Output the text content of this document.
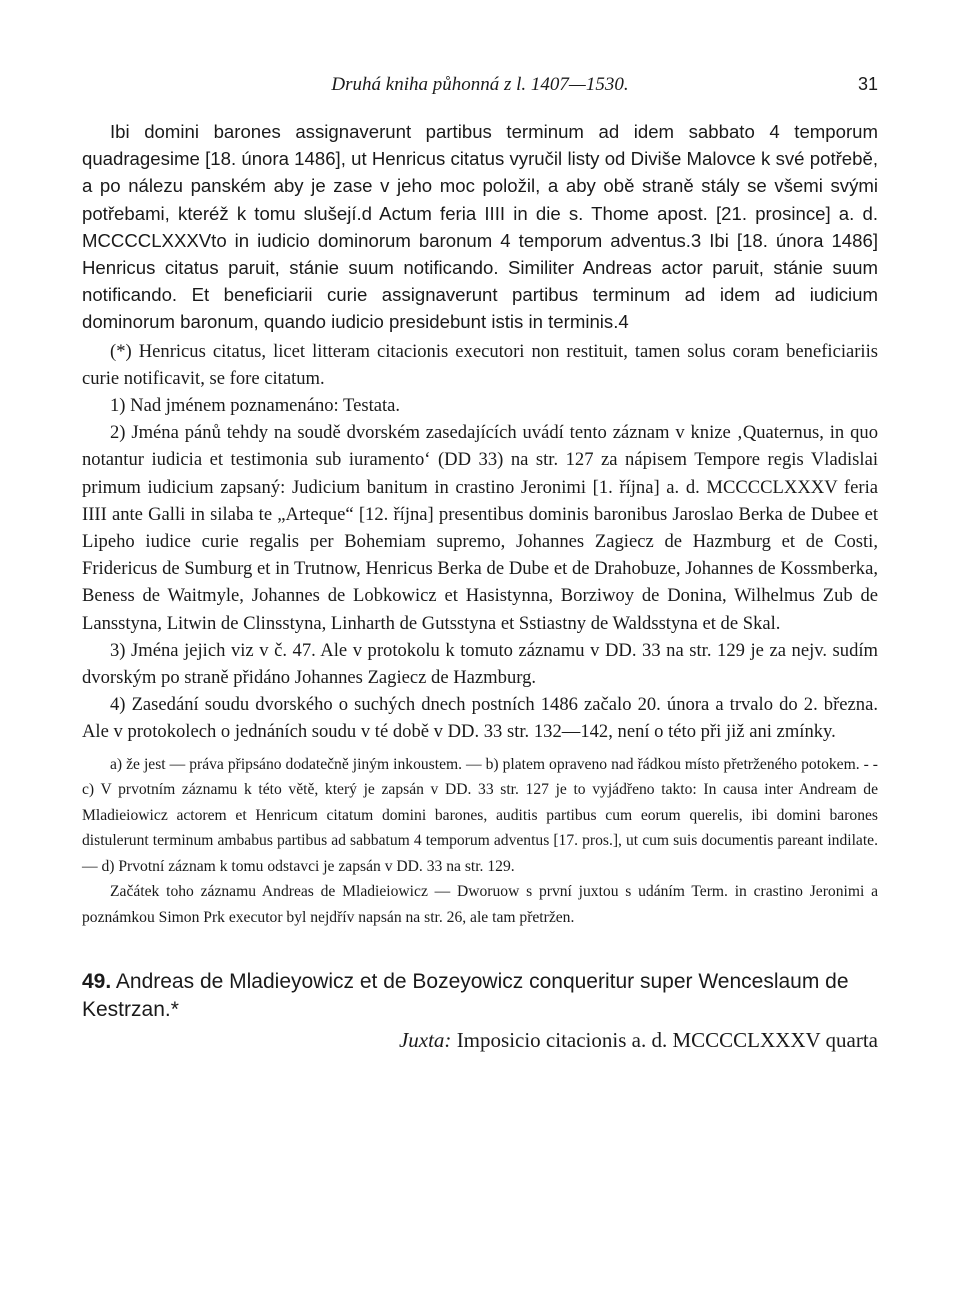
Druhá kniha půhonná z l. 1407—1530.	31

Ibi domini barones assignaverunt partibus terminum ad idem sabbato 4 temporum quadragesime [18. února 1486], ut Henricus citatus vyručil listy od Diviše Malovce k své potřebě, a po nálezu panském aby je zase v jeho moc položil, a aby obě straně stály se všemi svými potřebami, kteréž k tomu slušejí.d Actum feria IIII in die s. Thome apost. [21. prosince] a. d. MCCCCLXXXVto in iudicio dominorum baronum 4 temporum adventus.3 Ibi [18. února 1486] Henricus citatus paruit, stánie suum notificando. Similiter Andreas actor paruit, stánie suum notificando. Et beneficiarii curie assignaverunt partibus terminum ad idem ad iudicium dominorum baronum, quando iudicio presidebunt istis in terminis.4

(*) Henricus citatus, licet litteram citacionis executori non restituit, tamen solus coram beneficiariis curie notificavit, se fore citatum.

1) Nad jménem poznamenáno: Testata.

2) Jména pánů tehdy na soudě dvorském zasedajících uvádí tento záznam v knize ‚Quaternus, in quo notantur iudicia et testimonia sub iuramento‘ (DD 33) na str. 127 za nápisem Tempore regis Vladislai primum iudicium zapsaný: Judicium banitum in crastino Jeronimi [1. října] a. d. MCCCCLXXXV feria IIII ante Galli in silaba te „Arteque“ [12. října] presentibus dominis baronibus Jaroslao Berka de Dubee et Lipeho iudice curie regalis per Bohemiam supremo, Johannes Zagiecz de Hazmburg et de Costi, Fridericus de Sumburg et in Trutnow, Henricus Berka de Dube et de Drahobuze, Johannes de Kossmberka, Beness de Waitmyle, Johannes de Lobkowicz et Hasistynna, Borziwoy de Donina, Wilhelmus Zub de Lansstyna, Litwin de Clinsstyna, Linharth de Gutsstyna et Sstiastny de Waldsstyna et de Skal.

3) Jména jejich viz v č. 47. Ale v protokolu k tomuto záznamu v DD. 33 na str. 129 je za nejv. sudím dvorským po straně přidáno Johannes Zagiecz de Hazmburg.

4) Zasedání soudu dvorského o suchých dnech postních 1486 začalo 20. února a trvalo do 2. března. Ale v protokolech o jednáních soudu v té době v DD. 33 str. 132—142, není o této při již ani zmínky.

a) že jest — práva připsáno dodatečně jiným inkoustem. — b) platem opraveno nad řádkou místo přetrženého potokem. - - c) V prvotním záznamu k této větě, který je zapsán v DD. 33 str. 127 je to vyjádřeno takto: In causa inter Andream de Mladieiowicz actorem et Henricum citatum domini barones, auditis partibus cum eorum querelis, ibi domini barones distulerunt terminum ambabus partibus ad sabbatum 4 temporum adventus [17. pros.], ut cum suis documentis pareant indilate. — d) Prvotní záznam k tomu odstavci je zapsán v DD. 33 na str. 129.

Začátek toho záznamu Andreas de Mladieiowicz — Dworuow s první juxtou s udáním Term. in crastino Jeronimi a poznámkou Simon Prk executor byl nejdřív napsán na str. 26, ale tam přetržen.

49. Andreas de Mladieyowicz et de Bozeyowicz conqueritur super Wenceslaum de Kestrzan.*
Juxta: Imposicio citacionis a. d. MCCCCLXXXV quarta
